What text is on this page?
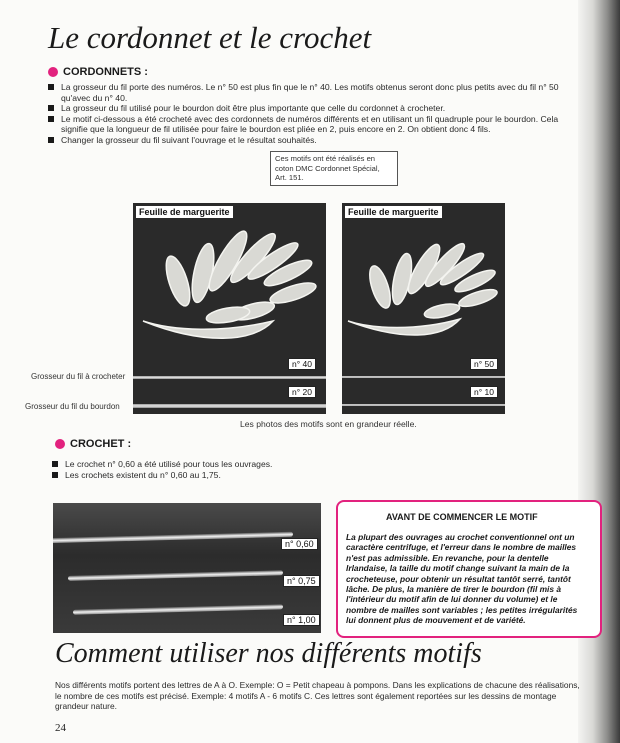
Le cordonnet et le crochet
CORDONNETS :
La grosseur du fil porte des numéros. Le n° 50 est plus fin que le n° 40. Les motifs obtenus seront donc plus petits avec du fil n° 50 qu'avec du n° 40.
La grosseur du fil utilisé pour le bourdon doit être plus importante que celle du cordonnet à crocheter.
Le motif ci-dessous a été crocheté avec des cordonnets de numéros différents et en utilisant un fil quadruple pour le bourdon. Cela signifie que la longueur de fil utilisée pour faire le bourdon est pliée en 2, puis encore en 2. On obtient donc 4 fils.
Changer la grosseur du fil suivant l'ouvrage et le résultat souhaités.
Ces motifs ont été réalisés en coton DMC Cordonnet Spécial, Art. 151.
Feuille de marguerite
n° 40
n° 20
Feuille de marguerite
n° 50
n° 10
Grosseur du fil à crocheter
Grosseur du fil du bourdon
Les photos des motifs sont en grandeur réelle.
CROCHET :
Le crochet n° 0,60 a été utilisé pour tous les ouvrages.
Les crochets existent du n° 0,60 au 1,75.
n° 0,60
n° 0,75
n° 1,00
AVANT DE COMMENCER LE MOTIF
La plupart des ouvrages au crochet conventionnel ont un caractère centrifuge, et l'erreur dans le nombre de mailles n'est pas admissible. En revanche, pour la dentelle Irlandaise, la taille du motif change suivant la main de la crocheteuse, pour obtenir un résultat tantôt serré, tantôt lâche. De plus, la manière de tirer le bourdon (fil mis à l'intérieur du motif afin de lui donner du volume) et le nombre de mailles sont variables ; les petites irrégularités lui donnent plus de mouvement et de variété.
Comment utiliser nos différents motifs
Nos différents motifs portent des lettres de A à O. Exemple: O = Petit chapeau à pompons. Dans les explications de chacune des réalisations, le nombre de ces motifs est précisé. Exemple: 4 motifs A - 6 motifs C. Ces lettres sont également reportées sur les dessins de montage grandeur nature.
24
